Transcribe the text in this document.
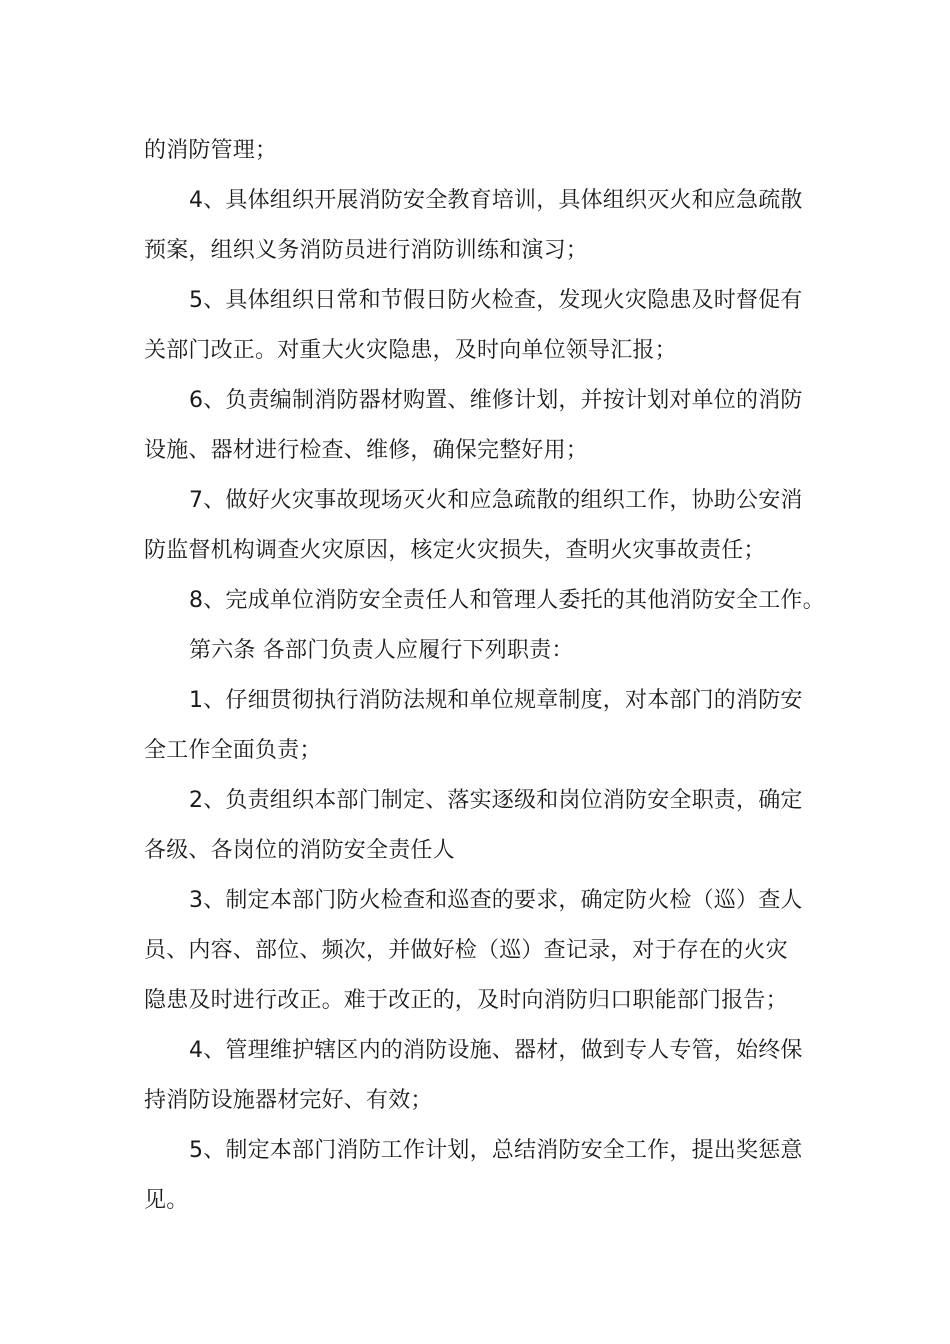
的消防管理；
4、具体组织开展消防安全教育培训，具体组织灭火和应急疏散
预案，组织义务消防员进行消防训练和演习；
5、具体组织日常和节假日防火检查，发现火灾隐患及时督促有
关部门改正。对重大火灾隐患，及时向单位领导汇报；
6、负责编制消防器材购置、维修计划，并按计划对单位的消防
设施、器材进行检查、维修，确保完整好用；
7、做好火灾事故现场灭火和应急疏散的组织工作，协助公安消
防监督机构调查火灾原因，核定火灾损失，查明火灾事故责任；
8、完成单位消防安全责任人和管理人委托的其他消防安全工作。
第六条 各部门负责人应履行下列职责：
1、仔细贯彻执行消防法规和单位规章制度，对本部门的消防安
全工作全面负责；
2、负责组织本部门制定、落实逐级和岗位消防安全职责，确定
各级、各岗位的消防安全责任人
3、制定本部门防火检查和巡查的要求，确定防火检（巡）查人
员、内容、部位、频次，并做好检（巡）查记录，对于存在的火灾
隐患及时进行改正。难于改正的，及时向消防归口职能部门报告；
4、管理维护辖区内的消防设施、器材，做到专人专管，始终保
持消防设施器材完好、有效；
5、制定本部门消防工作计划，总结消防安全工作，提出奖惩意
见。
